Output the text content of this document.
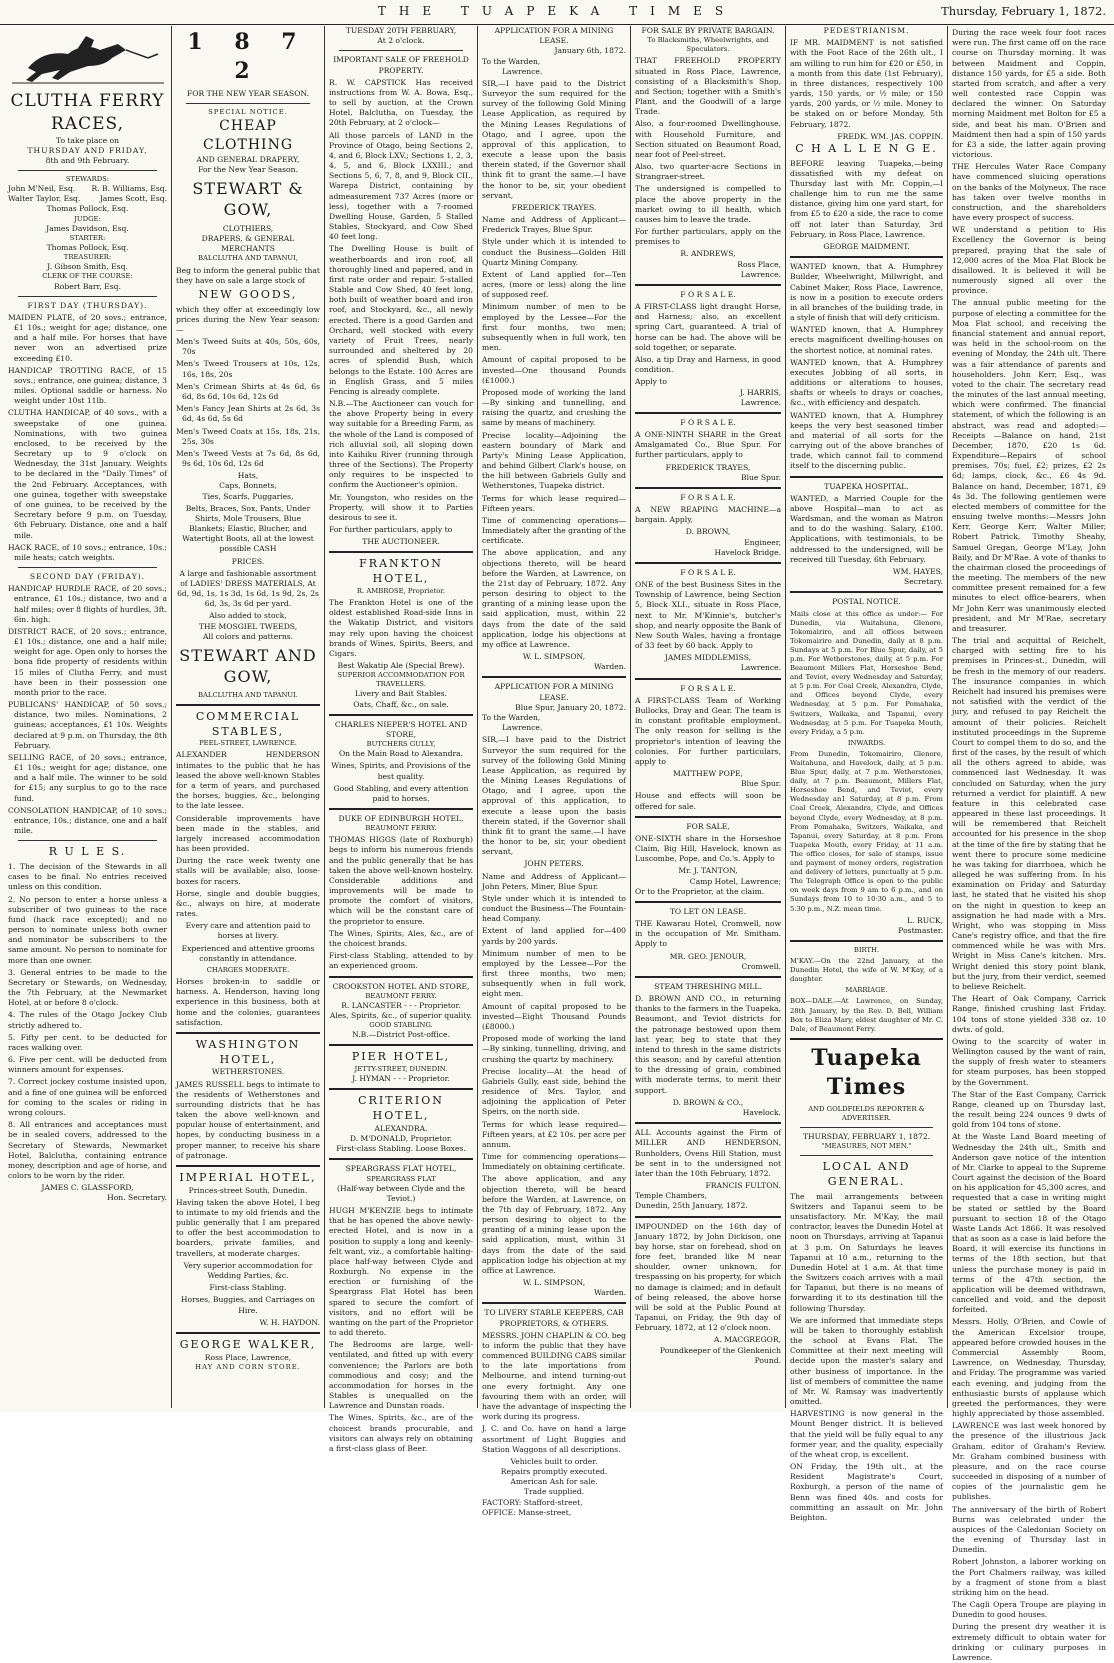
THE TUAPEKA TIMES	Thursday, February 1, 1872.
CLUTHA FERRY RACES,
To take place on
THURSDAY AND FRIDAY,
8th and 9th February.
STEWARDS:
John M'Neil, Esq. R. B. Williams, Esq.
Walter Taylor, Esq.	James Scott, Esq.
Thomas Pollock, Esq.
JUDGE:
James Davidson, Esq.
STARTER:
Thomas Pollock, Esq.
TREASURER:
J. Gibson Smith, Esq.
CLERK OF THE COURSE:
Robert Barr, Esq.
FIRST DAY (THURSDAY).

MAIDEN PLATE, of 20 sovs.; entrance, £1 10s.; weight for age; distance, one and a half mile. For horses that have never won an advertised prize exceeding £10.

HANDICAP TROTTING RACE, of 15 sovs.; entrance, one guinea; distance, 3 miles. Optional saddle or harness. No weight under 10st 11lb.

CLUTHA HANDICAP, of 40 sovs., with a sweepstake of one guinea. Nominations, with two guinea enclosed, to be received by the Secretary up to 9 o'clock on Wednesday, the 31st January. Weights to be declared in the "Daily Times" of the 2nd February. Acceptances, with one guinea, together with sweepstake of one guinea, to be received by the Secretary before 9 p.m. on Tuesday, 6th February. Distance, one and a half mile.

HACK RACE, of 10 sovs.; entrance, 10s.; mile heats; catch weights.

SECOND DAY (FRIDAY).

HANDICAP HURDLE RACE, of 20 sovs.; entrance, £1 10s.; distance, two and a half miles; over 8 flights of hurdles, 3ft. 6in. high.

DISTRICT RACE, of 20 sovs.; entrance, £1 10s.; distance, one and a half mile; weight for age. Open only to horses the bona fide property of residents within 15 miles of Clutha Ferry, and must have been in their possession one month prior to the race.

PUBLICANS' HANDICAP, of 50 sovs.; distance, two miles. Nominations, 2 guineas; acceptances, £1 10s. Weights declared at 9 p.m. on Thursday, the 8th February.

SELLING RACE, of 20 sovs.; entrance, £1 10s.; weight for age; distance, one and a half mile. The winner to be sold for £15; any surplus to go to the race fund.

CONSOLATION HANDICAP, of 10 sovs.; entrance, 10s.; distance, one and a half mile.

R U L E S.

1. The decision of the Stewards in all cases to be final. No entries received unless on this condition.

2. No person to enter a horse unless a subscriber of two guineas to the race fund (hack race excepted); and no person to nominate unless both owner and nominator be subscribers to the same amount. No person to nominate for more than one owner.

3. General entries to be made to the Secretary or Stewards, on Wednesday, the 7th February, at the Newmarket Hotel, at or before 8 o'clock.

4. The rules of the Otago Jockey Club strictly adhered to.

5. Fifty per cent. to be deducted for races walking over.

6. Five per cent. will be deducted from winners amount for expenses.

7. Correct jockey costume insisted upon, and a fine of one guinea will be enforced for coming to the scales or riding in wrong colours.

8. All entrances and acceptances must be in sealed covers, addressed to the Secretary of Stewards, Newmarket Hotel, Balclutha, containing entrance money, description and age of horse, and colors to be worn by the rider.

JAMES C. GLASSFORD,
Hon. Secretary.
1 8 7 2
FOR THE NEW YEAR SEASON.
SPECIAL NOTICE.
CHEAP CLOTHING
AND GENERAL DRAPERY,
For the New Year Season.
STEWART & GOW,
CLOTHIERS,
DRAPERS, & GENERAL MERCHANTS
BALCLUTHA AND TAPANUI,

Beg to inform the general public that they have on sale a large stock of

NEW GOODS,

which they offer at exceedingly low prices during the New Year season:—

Men's Tweed Suits at 40s, 50s, 60s, 70s

Men's Tweed Trousers at 10s, 12s, 16s, 18s, 20s

Men's Crimean Shirts at 4s 6d, 6s 6d, 8s 6d, 10s 6d, 12s 6d

Men's Fancy Jean Shirts at 2s 6d, 3s 6d, 4s 6d, 5s 6d

Men's Tweed Coats at 15s, 18s, 21s, 25s, 30s

Men's Tweed Vests at 7s 6d, 8s 6d, 9s 6d, 10s 6d, 12s 6d

Hats,
Caps, Bonnets,
Ties, Scarfs, Puggaries,

Belts, Braces, Sox, Pants, Under Shirts, Mole Trousers, Blue Blankets; Elastic, Blucher, and Watertight Boots, all at the lowest possible CASH

PRICES.

A large and fashionable assortment of LADIES' DRESS MATERIALS, At 6d, 9d, 1s, 1s 3d, 1s 6d, 1s 9d, 2s, 2s 6d, 3s, 3s 6d per yard.

Also added to stock,
THE MOSGIEL TWEEDS,
All colors and patterns.
STEWART AND GOW,
BALCLUTHA AND TAPANUI.
COMMERCIAL STABLES,
PEEL-STREET, LAWRENCE.

ALEXANDER HENDERSON intimates to the public that he has leased the above well-known Stables for a term of years, and purchased the horses, buggies, &c., belonging to the late lessee.

Considerable improvements have been made in the stables, and largely increased accommodation has been provided.

During the race week twenty one stalls will be available; also, loose-boxes for racers.

Horse, single and double buggies, &c., always on hire, at moderate rates.

Every care and attention paid to horses at livery.

Experienced and attentive grooms constantly in attendance.

CHARGES MODERATE.

Horses broken-in to saddle or harness. A. Henderson, having long experience in this business, both at home and the colonies, guarantees satisfaction.

WASHINGTON HOTEL,
WETHERSTONES.

JAMES RUSSELL begs to intimate to the residents of Wetherstones and surrounding districts that he has taken the above well-known and popular house of entertainment, and hopes, by conducting business in a proper manner, to receive his share of patronage.

IMPERIAL HOTEL,
Princes-street South, Dunedin.

Having taken the above Hotel, I beg to intimate to my old friends and the public generally that I am prepared to offer the best accommodation to boarders, private families, and travellers, at moderate charges.

Very superior accommodation for Wedding Parties, &c.

First-class Stabling.

Horses, Buggies, and Carriages on Hire.

W. H. HAYDON.
GEORGE WALKER,
Ross Place, Lawrence,
HAY AND CORN STORE.
TUESDAY 20TH FEBRUARY,
At 2 o'clock.
IMPORTANT SALE OF FREEHOLD PROPERTY.

R. W. CAPSTICK Has received instructions from W. A. Bowa, Esq., to sell by auction, at the Crown Hotel, Balclutha, on Tuesday, the 20th February, at 2 o'clock—

All those parcels of LAND in the Province of Otago, being Sections 2, 4, and 6, Block LXV.; Sections 1, 2, 3, 4, 5, and 6, Block LXXIII.; and Sections 5, 6, 7, 8, and 9, Block CII., Warepa District, containing by admeasurement 737 Acres (more or less), together with a 7-roomed Dwelling House, Garden, 5 Stalled Stables, Stockyard, and Cow Shed 40 feet long.

The Dwelling House is built of weatherboards and iron roof, all thoroughly lined and papered, and in first rate order and repair. 5-stalled Stable and Cow Shed, 40 feet long, both built of weather board and iron roof, and Stockyard, &c., all newly erected. There is a good Garden and Orchard, well stocked with every variety of Fruit Trees, nearly surrounded and sheltered by 20 acres of splendid Bush, which belongs to the Estate. 100 Acres are in English Grass, and 5 miles Fencing is already complete.

N.B.—The Auctioneer can vouch for the above Property being in every way suitable for a Breeding Farm, as the whole of the Land is composed of rich alluvial soil, all sloping down into Kaihiku River (running through three of the Sections). The Property only requires to be inspected to confirm the Auctioneer's opinion.

Mr. Youngston, who resides on the Property, will show it to Parties desirous to see it.

For further particulars, apply to

THE AUCTIONEER.
FRANKTON HOTEL,
R. AMBROSE, Proprietor.

The Frankton Hotel is one of the oldest established Road-side Inns in the Wakatip District, and visitors may rely upon having the choicest brands of Wines, Spirits, Beers, and Cigars.

Best Wakatip Ale (Special Brew).
SUPERIOR ACCOMMODATION FOR TRAVELLERS.
Livery and Bait Stables.
Oats, Chaff, &c., on sale.
CHARLES NIEPER'S HOTEL AND STORE,
BUTCHERS GULLY,
On the Main Road to Alexandra.

Wines, Spirits, and Provisions of the best quality.

Good Stabling, and every attention paid to horses.

DUKE OF EDINBURGH HOTEL,
BEAUMONT FERRY.

THOMAS HIGGS (late of Roxburgh) begs to inform his numerous friends and the public generally that he has taken the above well-known hostelry. Considerable additions and improvements will be made to promote the comfort of visitors, which will be the constant care of the proprietor to ensure.

The Wines, Spirits, Ales, &c., are of the choicest brands.

First-class Stabling, attended to by an experienced groom.

CROOKSTON HOTEL AND STORE,
BEAUMONT FERRY.
R. LANCASTER - - - Proprietor.
Ales, Spirits, &c., of superior quality.
GOOD STABLING.
N.B.—District Post-office.
PIER HOTEL,
JETTY-STREET, DUNEDIN.
J. HYMAN - - - Proprietor.
CRITERION HOTEL,
ALEXANDRA.
D. M'DONALD, Proprietor.
First-class Stabling. Loose Boxes.
SPEARGRASS FLAT HOTEL,
SPEARGRASS FLAT
(Half-way between Clyde and the Teviot.)

HUGH M'KENZIE begs to intimate that he has opened the above newly-erected Hotel, and is now in a position to supply a long and keenly-felt want, viz., a comfortable halting-place half-way between Clyde and Roxburgh. No expense in the erection or furnishing of the Speargrass Flat Hotel has been spared to secure the comfort of visitors, and no effort will be wanting on the part of the Proprietor to add thereto.

The Bedrooms are large, well-ventilated, and fitted up with every convenience; the Parlors are both commodious and cosy; and the accommodation for horses in the Stables is unequalled on the Lawrence and Dunstan roads.

The Wines, Spirits, &c., are of the choicest brands procurable, and visitors can always rely on obtaining a first-class glass of Beer.

APPLICATION FOR A MINING LEASE.
January 6th, 1872.
To the Warden,
Lawrence.

SIR,—I have paid to the District Surveyor the sum required for the survey of the following Gold Mining Lease Application, as required by the Mining Leases Regulations of Otago, and I agree, upon the approval of this application, to execute a lease upon the basis therein stated, if the Governor shall think fit to grant the same.—I have the honor to be, sir, your obedient servant,

FREDERICK TRAYES.

Name and Address of Applicant—Frederick Trayes, Blue Spur.

Style under which it is intended to conduct the Business—Golden Hill Quartz Mining Company.

Extent of Land applied for—Ten acres, (more or less) along the line of supposed reef.

Minimum number of men to be employed by the Lessee—For the first four months, two men; subsequently when in full work, ten men.

Amount of capital proposed to be invested—One thousand Pounds (£1000.)

Proposed mode of working the land—By sinking and tunnelling, and raising the quartz, and crushing the same by means of machinery.

Precise locality—Adjoining the eastern boundary of Mark and Party's Mining Lease Application, and behind Gilbert Clark's house, on the hill between Gabriels Gully and Wetherstones, Tuapeka district.

Terms for which lease required—Fifteen years.

Time of commencing operations—Immediately after the granting of the certificate.

The above application, and any objections thereto, will be heard before the Warden, at Lawrence, on the 21st day of February, 1872. Any person desiring to object to the granting of a mining lease upon the said application, must, within 22 days from the date of the said application, lodge his objections at my office at Lawrence.

W. L. SIMPSON,
Warden.
APPLICATION FOR A MINING LEASE.
Blue Spur, January 20, 1872.
To the Warden,
Lawrence.

SIR,—I have paid to the District Surveyor the sum required for the survey of the following Gold Mining Lease Application, as required by the Mining Leases Regulations of Otago, and I agree, upon the approval of this application, to execute a lease upon the basis therein stated, if the Governor shall think fit to grant the same.—I have the honor to be, sir, your obedient servant,

JOHN PETERS.

Name and Address of Applicant—John Peters, Miner, Blue Spur.

Style under which it is intended to conduct the Business—The Fountain-head Company.

Extent of land applied for—400 yards by 200 yards.

Minimum number of men to be employed by the Lessee—For the first three months, two men; subsequently when in full work, eight men.

Amount of capital proposed to be invested—Eight Thousand Pounds (£8000.)

Proposed mode of working the land—By sinking, tunnelling, driving, and crushing the quartz by machinery.

Precise locality—At the head of Gabriels Gully, east side, behind the residence of Mrs. Taylor, and adjoining the application of Peter Speirs, on the north side.

Terms for which lease required—Fifteen years, at £2 10s. per acre per annum.

Time for commencing operations—Immediately on obtaining certificate.

The above application, and any objection thereto, will be heard before the Warden, at Lawrence, on the 7th day of February, 1872. Any person desiring to object to the granting of a mining lease upon the said application, must, within 31 days from the date of the said application lodge his objection at my office at Lawrence.

W. L. SIMPSON,
Warden.
TO LIVERY STABLE KEEPERS, CAB PROPRIETORS, & OTHERS.

MESSRS. JOHN CHAPLIN & CO. beg to inform the public that they have commenced BUILDING CABS similar to the late importations from Melbourne, and intend turning-out one every fortnight. Any one favouring them with an order, will have the advantage of inspecting the work during its progress.

J. C. and Co. have on hand a large assortment of Light Buggies and Station Waggons of all descriptions.

Vehicles built to order.
Repairs promptly executed.
American Ash for sale.
Trade supplied.
FACTORY: Stafford-street,
OFFICE: Manse-street,
FOR SALE BY PRIVATE BARGAIN.
To Blacksmiths, Wheelwrights, and Speculators.

THAT FREEHOLD PROPERTY situated in Ross Place, Lawrence, consisting of a Blacksmith's Shop, and Section; together with a Smith's Plant, and the Goodwill of a large Trade.

Also, a four-roomed Dwellinghouse, with Household Furniture, and Section situated on Beaumont Road, near foot of Peel-street.

Also, two quarter-acre Sections in Strangraer-street.

The undersigned is compelled to place the above property in the market owing to ill health, which causes him to leave the trade.

For further particulars, apply on the premises to

R. ANDREWS,
Ross Place,
Lawrence.
F O R S A L E.

A FIRST-CLASS light draught Horse, and Harness; also, an excellent spring Cart, guaranteed. A trial of horse can be had. The above will be sold together, or separate.

Also, a tip Dray and Harness, in good condition.

Apply to
J. HARRIS,
Lawrence.
F O R S A L E.

A ONE-NINTH SHARE in the Great Amalgamated Co., Blue Spur. For further particulars, apply to

FREDERICK TRAYES,
Blue Spur.
F O R S A L E.

A NEW REAPING MACHINE—a bargain. Apply,

D. BROWN,
Engineer,
Havelock Bridge.
F O R S A L E.

ONE of the best Business Sites in the Township of Lawrence, being Section 5, Block XLI., situate in Ross Place, next to Mr. M'Kinnie's, butcher's shop, and nearly opposite the Bank of New South Wales, having a frontage of 33 feet by 60 back. Apply to

JAMES MIDDLEMISS,
Lawrence.
F O R S A L E.

A FIRST-CLASS Team of Working Bullocks, Dray and Gear. The team is in constant profitable employment. The only reason for selling is the proprietor's intention of leaving the colonies. For further particulars, apply to

MATTHEW POPE,
Blue Spur.

House and effects will soon be offered for sale.

FOR SALE,

ONE-SIXTH share in the Horseshoe Claim, Big Hill, Havelock, known as Luscombe, Pope, and Co.'s. Apply to

Mr. J. TANTON,
Camp Hotel, Lawrence;
Or to the Proprietor, at the claim.
TO LET ON LEASE.

THE Kawarau Hotel, Cromwell, now in the occupation of Mr. Smitham. Apply to

MR. GEO. JENOUR,
Cromwell.
STEAM THRESHING MILL.

D. BROWN AND CO., in returning thanks to the farmers in the Tuapeka, Beaumont, and Teviot districts for the patronage bestowed upon them last year, beg to state that they intend to thresh in the same districts this season; and by careful attention to the dressing of grain, combined with moderate terms, to merit their support.

D. BROWN & CO.,
Havelock.

ALL Accounts against the Firm of MILLER AND HENDERSON, Runholders, Ovens Hill Station, must be sent in to the undersigned not later than the 10th February, 1872.

FRANCIS FULTON.
Temple Chambers,
Dunedin, 25th January, 1872.

IMPOUNDED on the 16th day of January 1872, by John Dickison, one bay horse, star on forehead, shod on fore feet, branded like M near shoulder, owner unknown, for trespassing on his property, for which no damage is claimed; and in default of being released, the above horse will be sold at the Public Pound at Tapanui, on Friday, the 9th day of February, 1872, at 12 o'clock noon.

A. MACGREGOR,
Poundkeeper of the Glenkenich Pound.
PEDESTRIANISM.

IF MR. MAIDMENT is not satisfied with the Foot Race of the 26th ult., I am willing to run him for £20 or £50, in a month from this date (1st February), in three distances, respectively 100 yards, 150 yards, or ½ mile; or 150 yards, 200 yards, or ½ mile. Money to be staked on or before Monday, 5th February, 1872.

FREDK. WM. JAS. COPPIN.
C H A L L E N G E.

BEFORE leaving Tuapeka,—being dissatisfied with my defeat on Thursday last with Mr. Coppin,—I challenge him to run me the same distance, giving him one yard start, for from £5 to £20 a side, the race to come off not later than Saturday, 3rd February, in Ross Place, Lawrence.

GEORGE MAIDMENT.

WANTED known, that A. Humphrey Builder, Wheelwright, Millwright, and Cabinet Maker, Ross Place, Lawrence, is now in a position to execute orders in all branches of the building trade, in a style of finish that will defy criticism.

WANTED known, that A. Humphrey erects magnificent dwelling-houses on the shortest notice, at nominal rates.

WANTED known, that A. Humphrey executes Jobbing of all sorts, in additions or alterations to houses, shafts or wheels to drays or coaches, &c., with efficiency and despatch.

WANTED known, that A. Humphrey keeps the very best seasoned timber and material of all sorts for the carrying out of the above branches of trade, which cannot fail to commend itself to the discerning public.

TUAPEKA HOSPITAL.

WANTED, a Married Couple for the above Hospital—man to act as Wardsman, and the woman as Matron and to do the washing. Salary, £100. Applications, with testimonials, to be addressed to the undersigned, will be received till Tuesday, 6th February.

WM. HAYES,
Secretary.
POSTAL NOTICE.

Mails close at this office as under:— For Dunedin, via Waitahuna, Glenore, Tokomairiro, and all offices between Tokomairiro and Dunedin, daily at 8 p.m. Sundays at 5 p.m. For Blue Spur, daily, at 5 p.m. For Wetherstones, daily, at 5 p.m. For Beaumont Millers Flat, Horseshoe Bend, and Teviot, every Wednesday and Saturday, at 5 p.m. For Coal Creek, Alexandra, Clyde, and Offices beyond Clyde, every Wednesday, at 5 p.m. For Pomahaka, Switzers, Waikaka, and Tapanui, every Wednesday, at 5 p.m. For Tuapeka Mouth, every Friday, a 5 p.m.

INWARDS.

From Dunedin, Tokomairiro, Glenore, Waitahuna, and Havelock, daily, at 5 p.m. Blue Spur, daily, at 7 p.m. Wetherstones, daily, at 7 p.m. Beaumont, Millers Flat, Horseshoe Bend, and Teviot, every Wednesday an1 Saturday, at 8 p.m. From Coal Creek, Alexandra, Clyde, and Offices beyond Clyde, every Wednesday, at 8 p.m. From Pomahaka, Switzers, Waikaka, and Tapanui, every Saturday, at 8 p.m. From Tuapeka Mouth, every Friday, at 11 a.m. The office closes, for sale of stamps, issue and payment of money orders, registration and delivery of letters, punctually at 5 p.m. The Telegraph Office is open to the public on week days from 9 am to 6 p.m., and on Sundays from 10 to 10·30 a.m., and 5 to 5.30 p.m., N.Z. mean time.

L. RUCK,
Postmaster.
BIRTH.

M'KAY.—On the 22nd January, at the Dunedin Hotel, the wife of W. M'Kay, of a daughter.

MARRIAGE.

BOX—DALE.—At Lawrence, on Sunday, 28th January, by the Rev. D. Bell, William Box to Eliza Mary, eldest daughter of Mr. C. Dale, of Beaumont Ferry.

Tuapeka Times
AND GOLDFIELDS REPORTER & ADVERTISER.
THURSDAY, FEBRUARY 1, 1872.
"MEASURES, NOT MEN."
LOCAL AND GENERAL.

The mail arrangements between Switzers and Tapanui seem to be unsatisfactory. Mr. M'Kay, the mail contractor, leaves the Dunedin Hotel at noon on Thursdays, arriving at Tapanui at 3 p.m. On Saturdays he leaves Tapanui at 10 a.m., returning to the Dunedin Hotel at 1 a.m. At that time the Switzers coach arrives with a mail for Tapanui, but there is no means of forwarding it to its destination till the following Thursday.

We are informed that immediate steps will be taken to thoroughly establish the school at Evans Flat. The Committee at their next meeting will decide upon the master's salary and other business of importance. In the list of members of committee the name of Mr. W. Ramsay was inadvertently omitted.

HARVESTING is now general in the Mount Benger district. It is believed that the yield will be fully equal to any former year, and the quality, especially of the wheat crop, is excellent.

ON Friday, the 19th ult., at the Resident Magistrate's Court, Roxburgh, a person of the name of Benn was fined 40s. and costs for committing an assault on Mr. John Beighton.

During the race week four foot races were run. The first came off on the race course on Thursday morning. It was between Maidment and Coppin, distance 150 yards, for £5 a side. Both started from scratch, and after a very well contested race Coppin was declared the winner. On Saturday morning Maidment met Bolton for £5 a side, and beat his man. O'Brien and Maidment then had a spin of 150 yards for £3 a side, the latter again proving victorious.

THE Hercules Water Race Company have commenced sluicing operations on the banks of the Molyneux. The race has taken over twelve months in construction, and the shareholders have every prospect of success.

WE understand a petition to His Excellency the Governor is being prepared, praying that the sale of 12,000 acres of the Moa Flat Block be disallowed. It is believed it will be numerously signed all over the province.

The annual public meeting for the purpose of electing a committee for the Moa Flat school, and receiving the financial statement and annual report, was held in the school-room on the evening of Monday, the 24th ult. There was a fair attendance of parents and householders. John Kerr, Esq., was voted to the chair. The secretary read the minutes of the last annual meeting, which were confirmed. The financial statement, of which the following is an abstract, was read and adopted:—Receipts —Balance on hand, 21st December, 1870, £20 1s 6d. Expenditure—Repairs of school premises, 70s; fuel, £2; prizes, £2 2s 6d; lamps, clock, &c., £6 4s 9d. Balance on hand, December, 1871, £9 4s 3d. The following gentlemen were elected members of committee for the ensuing twelve months:—Messrs John Kerr, George Kerr, Walter Miller, Robert Patrick, Timothy Sheahy, Samuel Gregan, George M'Lay, John Baily, and Dr M'Rae. A vote of thanks to the chairman closed the proceedings of the meeting. The members of the new committee present remained for a few minutes to elect office-bearers, when Mr John Kerr was unanimously elected president, and Mr M'Rae, secretary and treasurer.

The trial and acquittal of Reichelt, charged with setting fire to his premises in Princes-st., Dunedin, will be fresh in the memory of our readers. The insurance companies in which Reichelt had insured his premises were not satisfied with the verdict of the jury, and refused to pay Reichelt the amount of their policies. Reichelt instituted proceedings in the Supreme Court to compel them to do so, and the first of the cases, by the result of which all the others agreed to abide, was commenced last Wednesday. It was concluded on Saturday, when the jury returned a verdict for plaintiff. A new feature in this celebrated case appeared in these last proceedings. It will be remembered that Reichelt accounted for his presence in the shop at the time of the fire by stating that he went there to procure some medicine he was taking for diarrhoea, which he alleged he was suffering from. In his examination on Friday and Saturday last, he stated that he visited his shop on the night in question to keep an assignation he had made with a Mrs. Wright, who was stopping in Miss Cane's registry office, and that the fire commenced while he was with Mrs. Wright in Miss Cane's kitchen. Mrs. Wright denied this story point blank, but the jury, from their verdict, seemed to believe Reichelt.

The Heart of Oak Company, Carrick Range, finished crushing last Friday. 104 tons of stone yielded 338 oz. 10 dwts. of gold.

Owing to the scarcity of water in Wellington caused by the want of rain, the supply of fresh water to steamers for steam purposes, has been stopped by the Government.

The Star of the East Company, Carrick Range, cleaned up on Thursday last, the result being 224 ounces 9 dwts of gold from 104 tons of stone.

At the Waste Land Board meeting of Wednesday the 24th ult., Smith and Anderson gave notice of the intention of Mr. Clarke to appeal to the Supreme Court against the decision of the Board on his application for 45,300 acres, and requested that a case in writing might be stated or settled by the Board pursuant to section 18 of the Otago Waste Lands Act 1866. It was resolved that as soon as a case is laid before the Board, it will exercise its functions in terms of the 18th section, but that unless the purchase money is paid in terms of the 47th section, the application will be deemed withdrawn, cancelled and void, and the deposit forfeited.

Messrs. Holly, O'Brien, and Cowle of the American Excelsior troupe, appeared before crowded houses in the Commercial Assembly Room, Lawrence, on Wednesday, Thursday, and Friday. The programme was varied each evening, and judging from the enthusiastic bursts of applause which greeted the performances, they were highly appreciated by those assembled.

LAWRENCE was last week honored by the presence of the illustrious Jack Graham, editor of Graham's Review. Mr. Graham combined business with pleasure, and on the race course succeeded in disposing of a number of copies of the journalistic gem he publishes.

The anniversary of the birth of Robert Burns was celebrated under the auspices of the Caledonian Society on the evening of Thursday last in Dunedin.

Robert Johnston, a laborer working on the Port Chalmers railway, was killed by a fragment of stone from a blast striking him on the head.

The Cagli Opera Troupe are playing in Dunedin to good houses.

During the present dry weather it is extremely difficult to obtain water for drinking or culinary purposes in Lawrence.
